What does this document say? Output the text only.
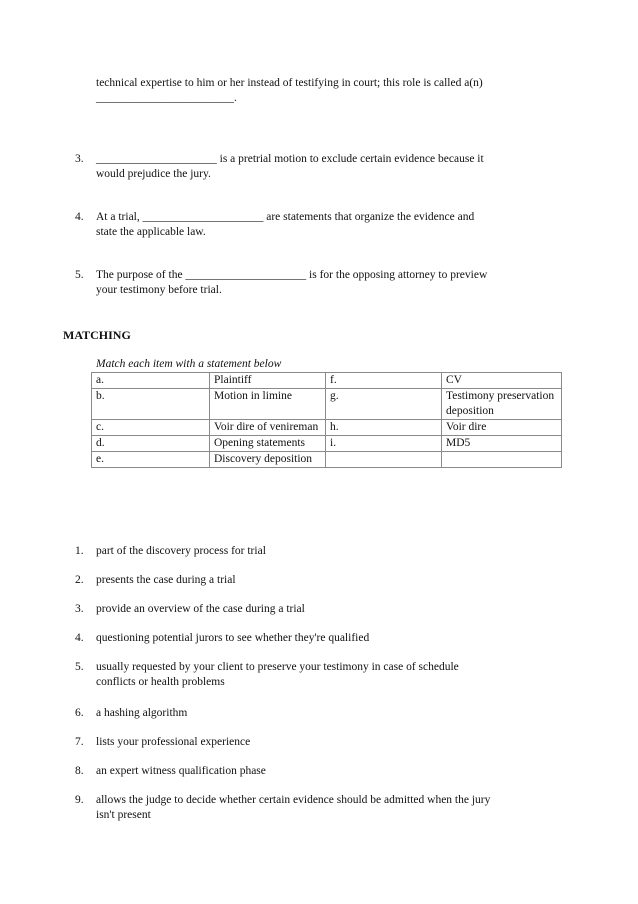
technical expertise to him or her instead of testifying in court; this role is called a(n)
________________________.
3.	_____________________ is a pretrial motion to exclude certain evidence because it
would prejudice the jury.
4.	At a trial, _____________________ are statements that organize the evidence and
state the applicable law.
5.	The purpose of the _____________________ is for the opposing attorney to preview
your testimony before trial.
MATCHING
Match each item with a statement below
a.	Plaintiff	f.	CV
b.	Motion in limine	g.	Testimony preservation deposition
c.	Voir dire of venireman	h.	Voir dire
d.	Opening statements	i.	MD5
e.	Discovery deposition		
1.	part of the discovery process for trial
2.	presents the case during a trial
3.	provide an overview of the case during a trial
4.	questioning potential jurors to see whether they're qualified
5.	usually requested by your client to preserve your testimony in case of schedule
conflicts or health problems
6.	a hashing algorithm
7.	lists your professional experience
8.	an expert witness qualification phase
9.	allows the judge to decide whether certain evidence should be admitted when the jury
isn't present
